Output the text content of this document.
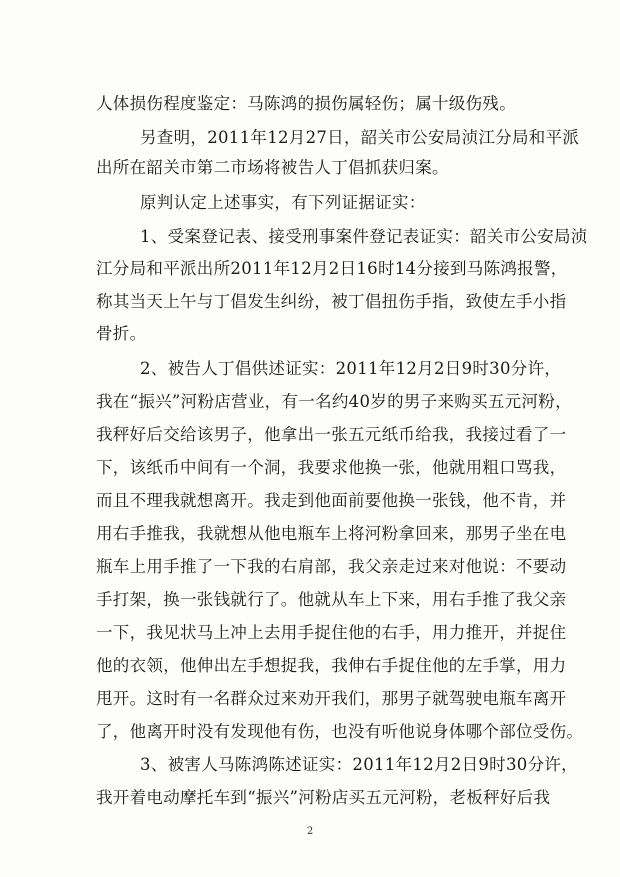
人体损伤程度鉴定：马陈鸿的损伤属轻伤；属十级伤残。
另查明，2011年12月27日，韶关市公安局浈江分局和平派
出所在韶关市第二市场将被告人丁倡抓获归案。
原判认定上述事实，有下列证据证实：
1、受案登记表、接受刑事案件登记表证实：韶关市公安局浈
江分局和平派出所2011年12月2日16时14分接到马陈鸿报警，
称其当天上午与丁倡发生纠纷，被丁倡扭伤手指，致使左手小指
骨折。
2、被告人丁倡供述证实：2011年12月2日9时30分许，
我在“振兴”河粉店营业，有一名约40岁的男子来购买五元河粉，
我秤好后交给该男子，他拿出一张五元纸币给我，我接过看了一
下，该纸币中间有一个洞，我要求他换一张，他就用粗口骂我，
而且不理我就想离开。我走到他面前要他换一张钱，他不肯，并
用右手推我，我就想从他电瓶车上将河粉拿回来，那男子坐在电
瓶车上用手推了一下我的右肩部，我父亲走过来对他说：不要动
手打架，换一张钱就行了。他就从车上下来，用右手推了我父亲
一下，我见状马上冲上去用手捉住他的右手，用力推开，并捉住
他的衣领，他伸出左手想捉我，我伸右手捉住他的左手掌，用力
甩开。这时有一名群众过来劝开我们，那男子就驾驶电瓶车离开
了，他离开时没有发现他有伤，也没有听他说身体哪个部位受伤。
3、被害人马陈鸿陈述证实：2011年12月2日9时30分许，
我开着电动摩托车到“振兴”河粉店买五元河粉，老板秤好后我
2
